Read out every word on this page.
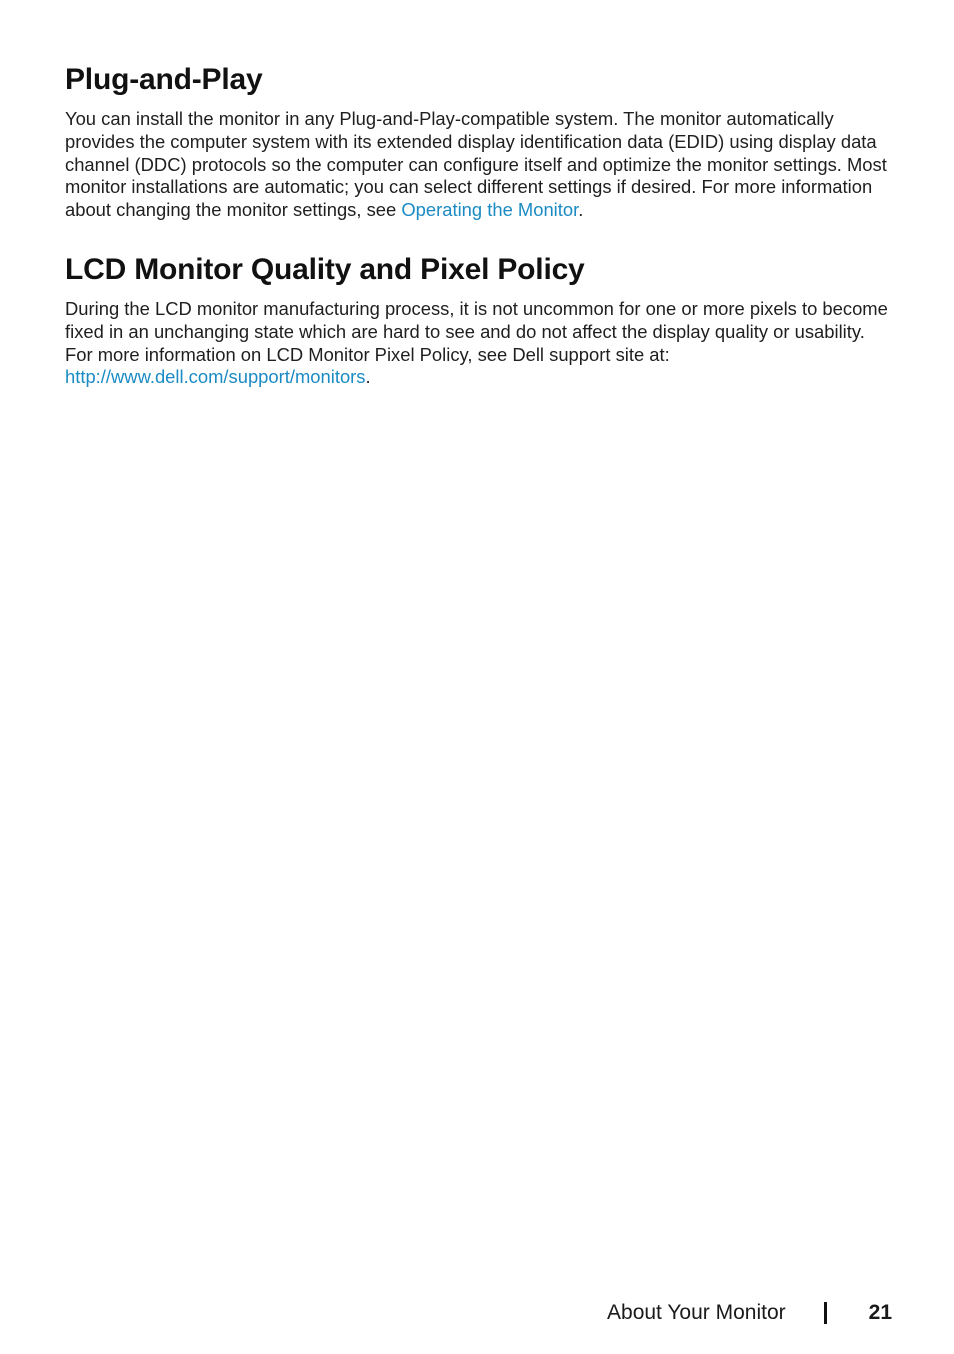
Plug-and-Play

You can install the monitor in any Plug-and-Play-compatible system. The monitor automatically provides the computer system with its extended display identification data (EDID) using display data channel (DDC) protocols so the computer can configure itself and optimize the monitor settings. Most monitor installations are automatic; you can select different settings if desired. For more information about changing the monitor settings, see Operating the Monitor.

LCD Monitor Quality and Pixel Policy

During the LCD monitor manufacturing process, it is not uncommon for one or more pixels to become fixed in an unchanging state which are hard to see and do not affect the display quality or usability. For more information on LCD Monitor Pixel Policy, see Dell support site at: http://www.dell.com/support/monitors.

About Your Monitor	21
